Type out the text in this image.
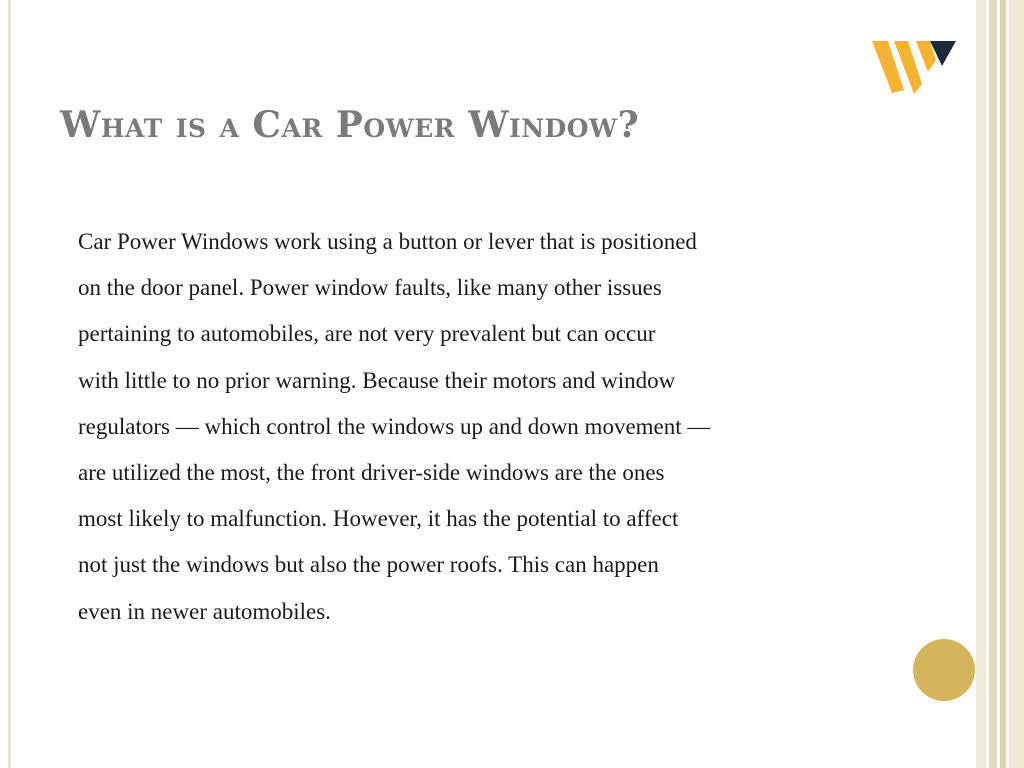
What is a Car Power Window?

Car Power Windows work using a button or lever that is positioned
on the door panel. Power window faults, like many other issues
pertaining to automobiles, are not very prevalent but can occur
with little to no prior warning. Because their motors and window
regulators — which control the windows up and down movement —
are utilized the most, the front driver-side windows are the ones
most likely to malfunction. However, it has the potential to affect
not just the windows but also the power roofs. This can happen
even in newer automobiles.
